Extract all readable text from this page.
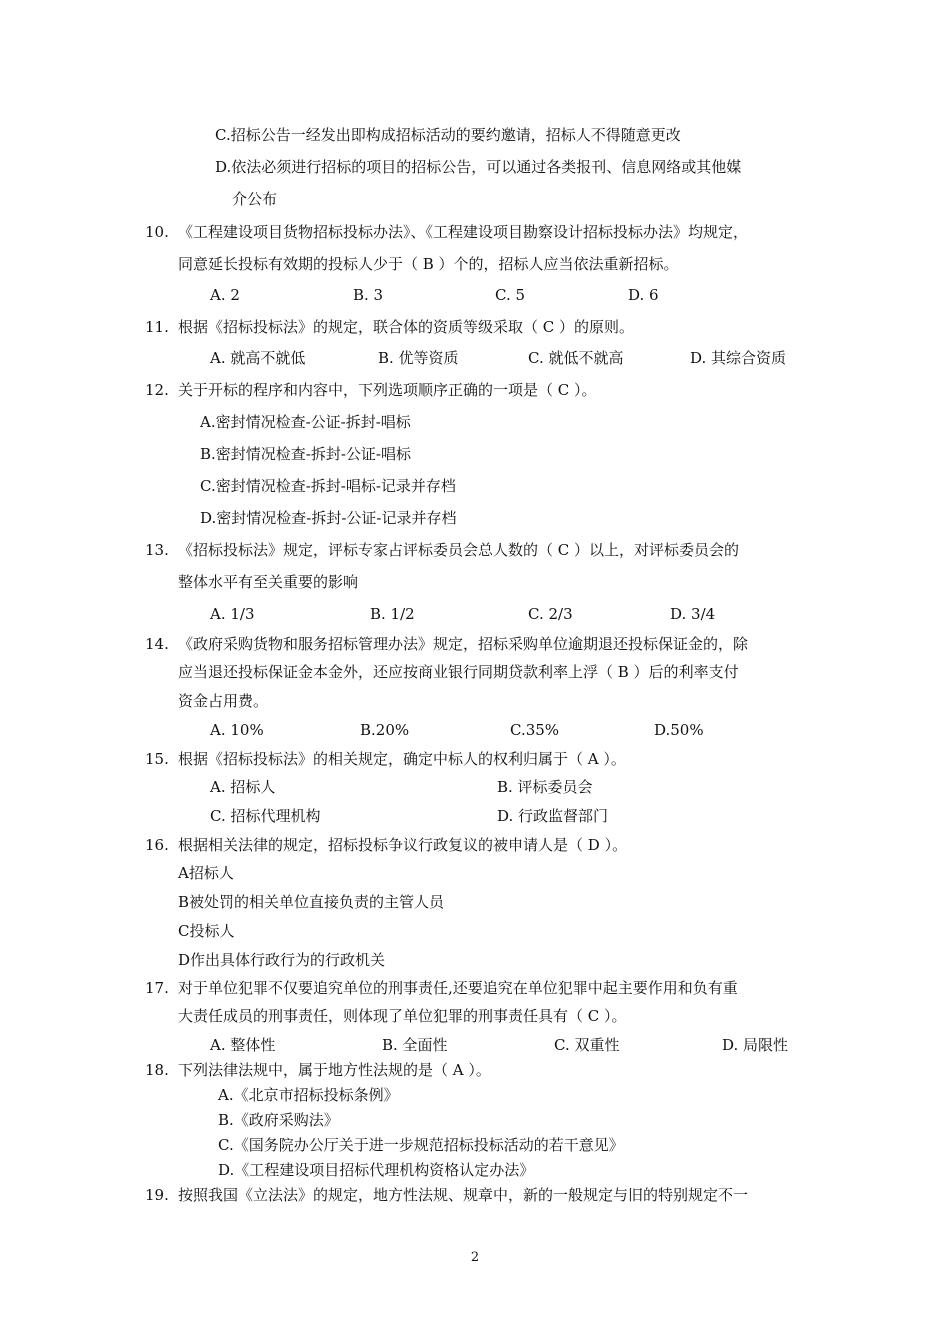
C.招标公告一经发出即构成招标活动的要约邀请，招标人不得随意更改
D.依法必须进行招标的项目的招标公告，可以通过各类报刊、信息网络或其他媒
介公布
10. 《工程建设项目货物招标投标办法》、《工程建设项目勘察设计招标投标办法》均规定，
同意延长投标有效期的投标人少于（ B ）个的，招标人应当依法重新招标。
A. 2	B. 3	C. 5	D. 6
11. 根据《招标投标法》的规定，联合体的资质等级采取（ C ）的原则。
A. 就高不就低	B. 优等资质	C. 就低不就高	D. 其综合资质
12. 关于开标的程序和内容中，下列选项顺序正确的一项是（ C ）。
A.密封情况检查-公证-拆封-唱标
B.密封情况检查-拆封-公证-唱标
C.密封情况检查-拆封-唱标-记录并存档
D.密封情况检查-拆封-公证-记录并存档
13. 《招标投标法》规定，评标专家占评标委员会总人数的（ C ）以上，对评标委员会的
整体水平有至关重要的影响
A. 1/3	B. 1/2	C. 2/3	D. 3/4
14. 《政府采购货物和服务招标管理办法》规定，招标采购单位逾期退还投标保证金的，除
应当退还投标保证金本金外，还应按商业银行同期贷款利率上浮（ B ）后的利率支付
资金占用费。
A. 10%	B.20%	C.35%	D.50%
15. 根据《招标投标法》的相关规定，确定中标人的权利归属于（ A ）。
A. 招标人	B. 评标委员会
C. 招标代理机构	D. 行政监督部门
16. 根据相关法律的规定，招标投标争议行政复议的被申请人是（ D ）。
A招标人
B被处罚的相关单位直接负责的主管人员
C投标人
D作出具体行政行为的行政机关
17. 对于单位犯罪不仅要追究单位的刑事责任,还要追究在单位犯罪中起主要作用和负有重
大责任成员的刑事责任，则体现了单位犯罪的刑事责任具有（ C ）。
A. 整体性	B. 全面性	C. 双重性	D. 局限性
18. 下列法律法规中，属于地方性法规的是（ A ）。
A.《北京市招标投标条例》
B.《政府采购法》
C.《国务院办公厅关于进一步规范招标投标活动的若干意见》
D.《工程建设项目招标代理机构资格认定办法》
19. 按照我国《立法法》的规定，地方性法规、规章中，新的一般规定与旧的特别规定不一
2
